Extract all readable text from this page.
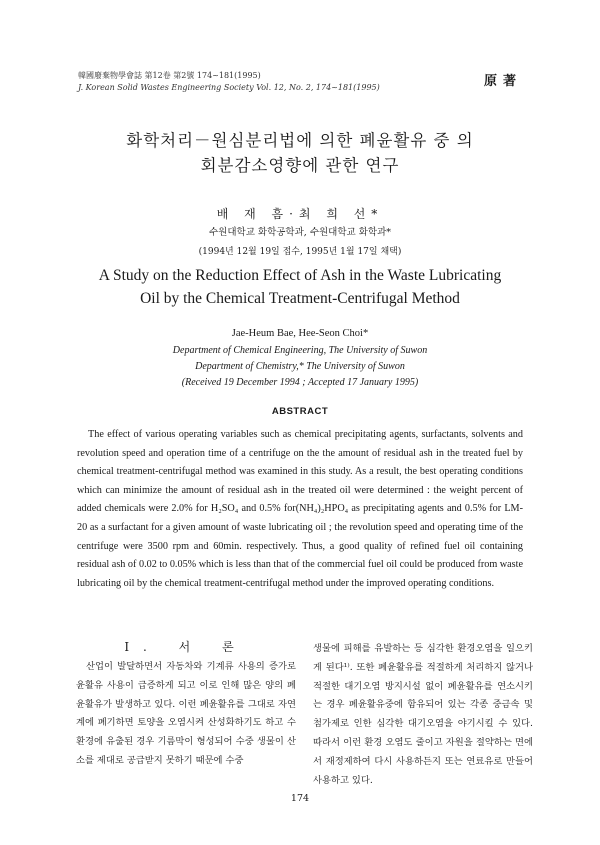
韓國廢棄物學會誌 第12卷 第2號 174~181(1995)
J. Korean Solid Wastes Engineering Society Vol. 12, No. 2, 174~181(1995)	原著
화학처리－원심분리법에 의한 폐윤활유 중 의
회분감소영향에 관한 연구
배 재 흠·최 희 선*
수원대학교 화학공학과, 수원대학교 화학과*
(1994년 12월 19일 접수, 1995년 1월 17일 채택)
A Study on the Reduction Effect of Ash in the Waste Lubricating
Oil by the Chemical Treatment-Centrifugal Method
Jae-Heum Bae, Hee-Seon Choi*
Department of Chemical Engineering, The University of Suwon
Department of Chemistry,* The University of Suwon
(Received 19 December 1994 ; Accepted 17 January 1995)
ABSTRACT

The effect of various operating variables such as chemical precipitating agents, surfactants, solvents and revolution speed and operation time of a centrifuge on the the amount of residual ash in the treated fuel by chemical treatment-centrifugal method was examined in this study. As a result, the best operating conditions which can minimize the amount of residual ash in the treated oil were determined : the weight percent of added chemicals were 2.0% for H₂SO₄ and 0.5% for(NH₄)₂HPO₄ as precipitating agents and 0.5% for LM-20 as a surfactant for a given amount of waste lubricating oil ; the revolution speed and operating time of the centrifuge were 3500 rpm and 60min. respectively. Thus, a good quality of refined fuel oil containing residual ash of 0.02 to 0.05% which is less than that of the commercial fuel oil could be produced from waste lubricating oil by the chemical treatment-centrifugal method under the improved operating conditions.

Ⅰ. 서 론

산업이 발달하면서 자동차와 기계류 사용의 증가로 윤활유 사용이 급증하게 되고 이로 인해 많은 양의 폐윤활유가 발생하고 있다. 이런 폐윤활유를 그대로 자연계에 폐기하면 토양을 오염시켜 산성화하기도 하고 수환경에 유출된 경우 기름막이 형성되어 수중 생물이 산소를 제대로 공급받지 못하기 때문에 수중

생물에 피해를 유발하는 등 심각한 환경오염을 일으키게 된다¹⁾. 또한 폐윤활유를 적절하게 처리하지 않거나 적절한 대기오염 방지시설 없이 폐윤활유를 연소시키는 경우 폐윤활유중에 함유되어 있는 각종 중금속 및 첨가제로 인한 심각한 대기오염을 야기시킬 수 있다. 따라서 이런 환경 오염도 줄이고 자원을 절약하는 면에서 재정제하여 다시 사용하든지 또는 연료유로 만들어 사용하고 있다.

174
